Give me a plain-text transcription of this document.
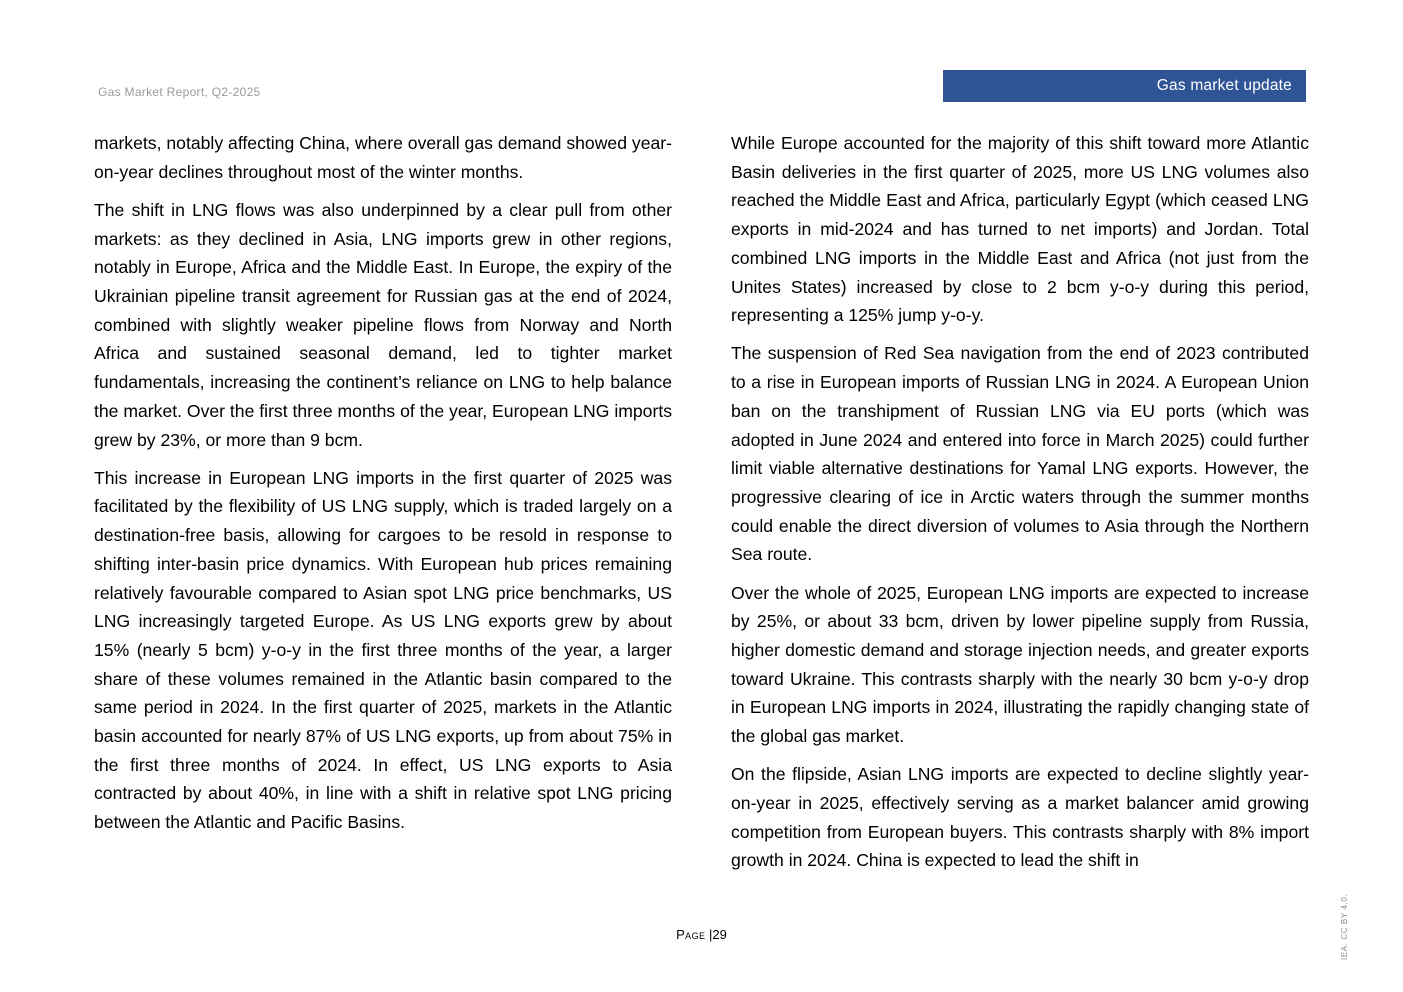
Gas Market Report, Q2-2025	Gas market update

markets, notably affecting China, where overall gas demand showed year-on-year declines throughout most of the winter months.

The shift in LNG flows was also underpinned by a clear pull from other markets: as they declined in Asia, LNG imports grew in other regions, notably in Europe, Africa and the Middle East. In Europe, the expiry of the Ukrainian pipeline transit agreement for Russian gas at the end of 2024, combined with slightly weaker pipeline flows from Norway and North Africa and sustained seasonal demand, led to tighter market fundamentals, increasing the continent’s reliance on LNG to help balance the market. Over the first three months of the year, European LNG imports grew by 23%, or more than 9 bcm.

This increase in European LNG imports in the first quarter of 2025 was facilitated by the flexibility of US LNG supply, which is traded largely on a destination-free basis, allowing for cargoes to be resold in response to shifting inter-basin price dynamics. With European hub prices remaining relatively favourable compared to Asian spot LNG price benchmarks, US LNG increasingly targeted Europe. As US LNG exports grew by about 15% (nearly 5 bcm) y-o-y in the first three months of the year, a larger share of these volumes remained in the Atlantic basin compared to the same period in 2024. In the first quarter of 2025, markets in the Atlantic basin accounted for nearly 87% of US LNG exports, up from about 75% in the first three months of 2024. In effect, US LNG exports to Asia contracted by about 40%, in line with a shift in relative spot LNG pricing between the Atlantic and Pacific Basins.

While Europe accounted for the majority of this shift toward more Atlantic Basin deliveries in the first quarter of 2025, more US LNG volumes also reached the Middle East and Africa, particularly Egypt (which ceased LNG exports in mid-2024 and has turned to net imports) and Jordan. Total combined LNG imports in the Middle East and Africa (not just from the Unites States) increased by close to 2 bcm y-o-y during this period, representing a 125% jump y-o-y.

The suspension of Red Sea navigation from the end of 2023 contributed to a rise in European imports of Russian LNG in 2024. A European Union ban on the transhipment of Russian LNG via EU ports (which was adopted in June 2024 and entered into force in March 2025) could further limit viable alternative destinations for Yamal LNG exports. However, the progressive clearing of ice in Arctic waters through the summer months could enable the direct diversion of volumes to Asia through the Northern Sea route.

Over the whole of 2025, European LNG imports are expected to increase by 25%, or about 33 bcm, driven by lower pipeline supply from Russia, higher domestic demand and storage injection needs, and greater exports toward Ukraine. This contrasts sharply with the nearly 30 bcm y-o-y drop in European LNG imports in 2024, illustrating the rapidly changing state of the global gas market.

On the flipside, Asian LNG imports are expected to decline slightly year-on-year in 2025, effectively serving as a market balancer amid growing competition from European buyers. This contrasts sharply with 8% import growth in 2024. China is expected to lead the shift in

Page |29	IEA. CC BY 4.0.
